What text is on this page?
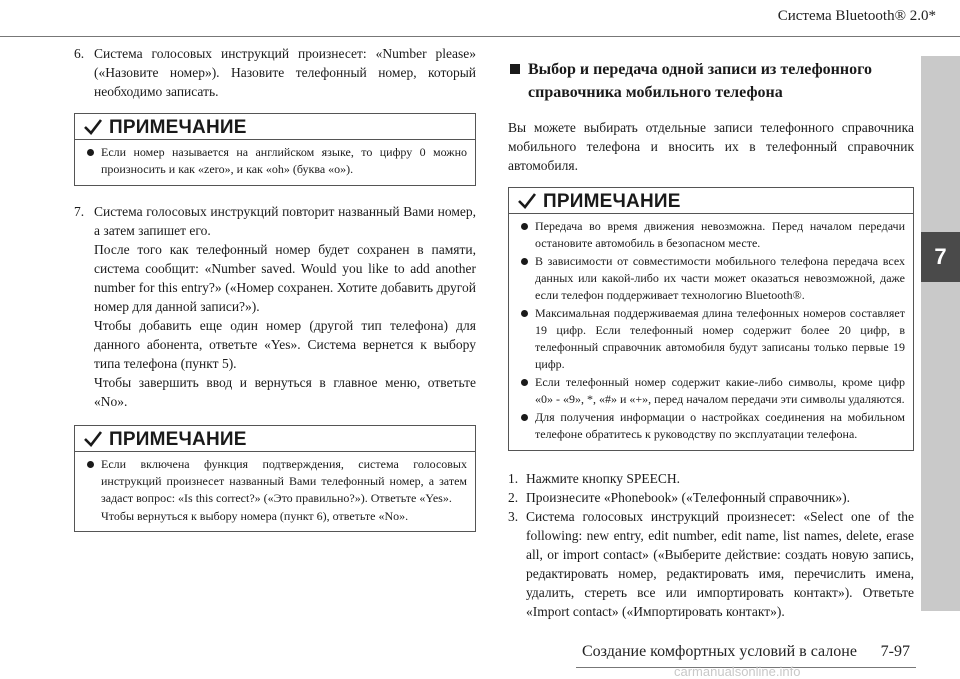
Система Bluetooth® 2.0*
7
6. Система голосовых инструкций произнесет: «Number please» («Назовите номер»). Назовите телефонный номер, который необходимо записать.
ПРИМЕЧАНИЕ
Если номер называется на английском языке, то цифру 0 можно произносить и как «zero», и как «oh» (буква «o»).
7. Система голосовых инструкций повторит названный Вами номер, а затем запишет его.

После того как телефонный номер будет сохранен в памяти, система сообщит: «Number saved. Would you like to add another number for this entry?» («Номер сохранен. Хотите добавить другой номер для данной записи?»).

Чтобы добавить еще один номер (другой тип телефона) для данного абонента, ответьте «Yes». Система вернется к выбору типа телефона (пункт 5).

Чтобы завершить ввод и вернуться в главное меню, ответьте «No».

ПРИМЕЧАНИЕ
Если включена функция подтверждения, система голосовых инструкций произнесет названный Вами телефонный номер, а затем задаст вопрос: «Is this correct?» («Это правильно?»). Ответьте «Yes».
Чтобы вернуться к выбору номера (пункт 6), ответьте «No».
Выбор и передача одной записи из телефонного справочника мобильного телефона

Вы можете выбирать отдельные записи телефонного справочника мобильного телефона и вносить их в телефонный справочник автомобиля.

ПРИМЕЧАНИЕ
Передача во время движения невозможна. Перед началом передачи остановите автомобиль в безопасном месте.
В зависимости от совместимости мобильного телефона передача всех данных или какой-либо их части может оказаться невозможной, даже если телефон поддерживает технологию Bluetooth®.
Максимальная поддерживаемая длина телефонных номеров составляет 19 цифр. Если телефонный номер содержит более 20 цифр, в телефонный справочник автомобиля будут записаны только первые 19 цифр.
Если телефонный номер содержит какие-либо символы, кроме цифр «0» - «9», *, «#» и «+», перед началом передачи эти символы удаляются.
Для получения информации о настройках соединения на мобильном телефоне обратитесь к руководству по эксплуатации телефона.
1. Нажмите кнопку SPEECH.
2. Произнесите «Phonebook» («Телефонный справочник»).
3. Система голосовых инструкций произнесет: «Select one of the following: new entry, edit number, edit name, list names, delete, erase all, or import contact» («Выберите действие: создать новую запись, редактировать номер, редактировать имя, перечислить имена, удалить, стереть все или импортировать контакт»). Ответьте «Import contact» («Импортировать контакт»).
Создание комфортных условий в салоне 7-97
carmanualsonline.info
